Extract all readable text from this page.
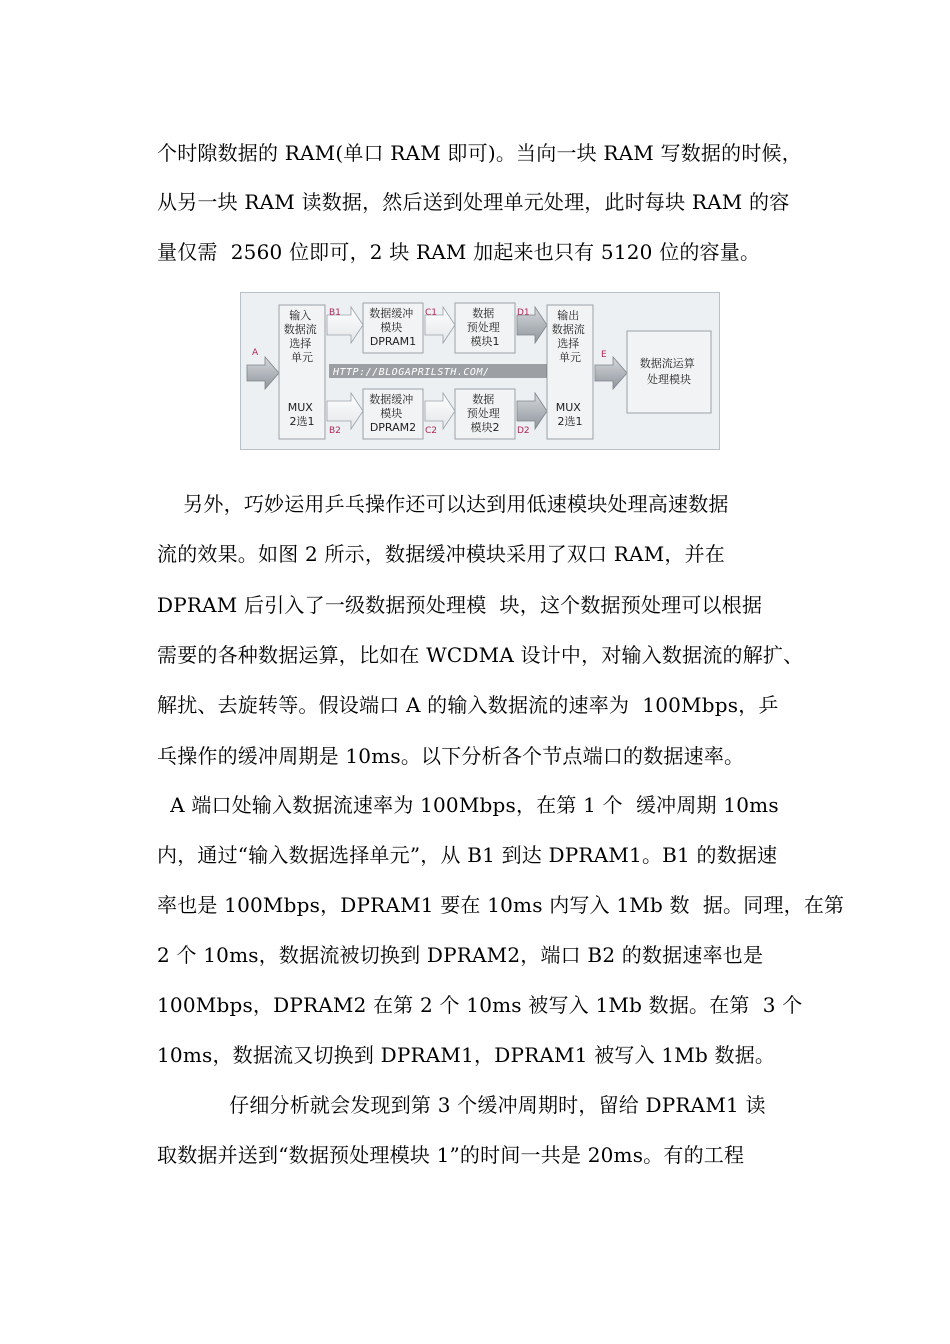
个时隙数据的 RAM(单口 RAM 即可)。当向一块 RAM 写数据的时候，

从另一块 RAM 读数据，然后送到处理单元处理，此时每块 RAM 的容

量仅需  2560 位即可，2 块 RAM 加起来也只有 5120 位的容量。

A
输入 数据流 选择 单元
MUX 2选1
B1
B2
数据缓冲 模块 DPRAM1
数据缓冲 模块 DPRAM2
C1
C2
数据 预处理 模块1
数据 预处理 模块2
D1
D2
输出 数据流 选择 单元
MUX 2选1
E
数据流运算 处理模块
HTTP://BLOGAPRILSTH.COM/

另外，巧妙运用乒乓操作还可以达到用低速模块处理高速数据

流的效果。如图 2 所示，数据缓冲模块采用了双口 RAM，并在

DPRAM 后引入了一级数据预处理模  块，这个数据预处理可以根据

需要的各种数据运算，比如在 WCDMA 设计中，对输入数据流的解扩、

解扰、去旋转等。假设端口 A 的输入数据流的速率为  100Mbps，乒

乓操作的缓冲周期是 10ms。以下分析各个节点端口的数据速率。

A 端口处输入数据流速率为 100Mbps，在第 1 个  缓冲周期 10ms

内，通过“输入数据选择单元”，从 B1 到达 DPRAM1。B1 的数据速

率也是 100Mbps，DPRAM1 要在 10ms 内写入 1Mb 数  据。同理，在第

2 个 10ms，数据流被切换到 DPRAM2，端口 B2 的数据速率也是

100Mbps，DPRAM2 在第 2 个 10ms 被写入 1Mb 数据。在第  3 个

10ms，数据流又切换到 DPRAM1，DPRAM1 被写入 1Mb 数据。

仔细分析就会发现到第 3 个缓冲周期时，留给 DPRAM1 读

取数据并送到“数据预处理模块 1”的时间一共是 20ms。有的工程
